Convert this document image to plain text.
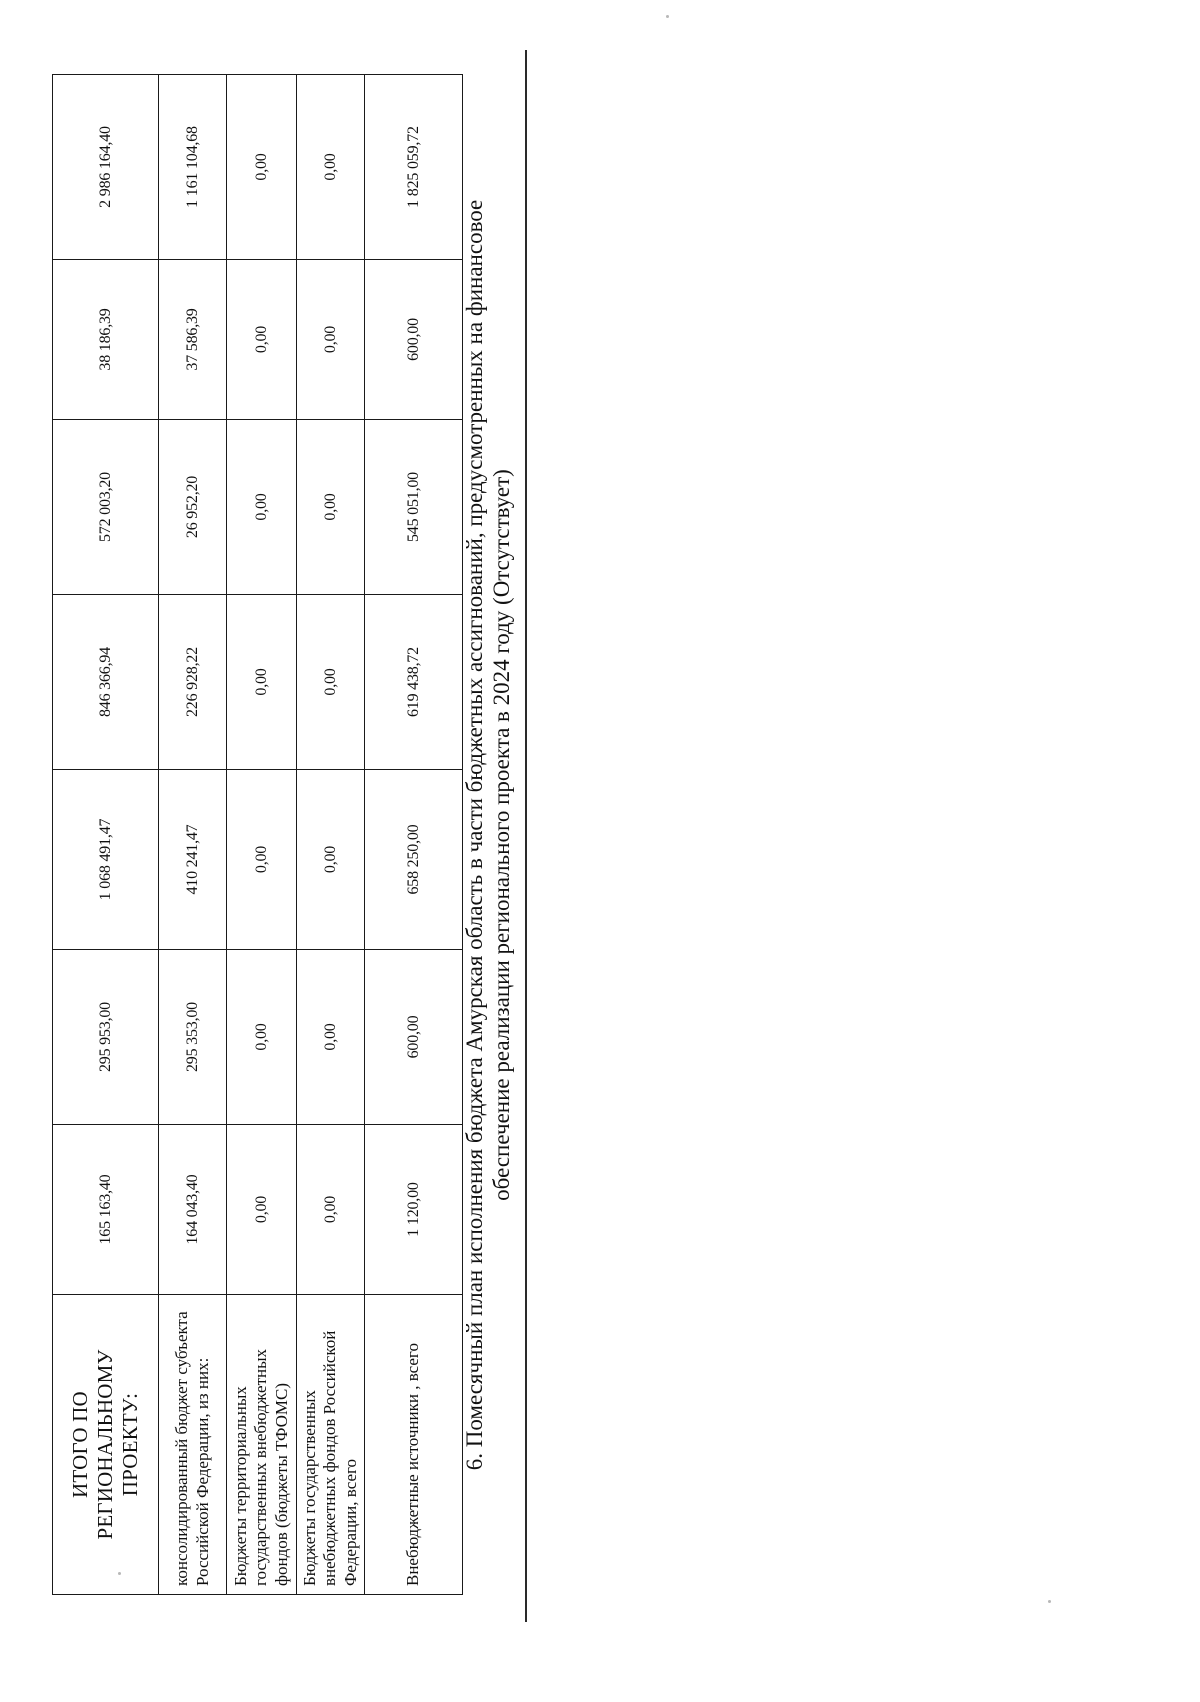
ИТОГО ПО РЕГИОНАЛЬНОМУ ПРОЕКТУ:	165 163,40	295 953,00	1 068 491,47	846 366,94	572 003,20	38 186,39	2 986 164,40
консолидированный бюджет субъекта Российской Федерации, из них:	164 043,40	295 353,00	410 241,47	226 928,22	26 952,20	37 586,39	1 161 104,68
Бюджеты территориальных государственных внебюджетных фондов (бюджеты ТФОМС)	0,00	0,00	0,00	0,00	0,00	0,00	0,00
Бюджеты государственных внебюджетных фондов Российской Федерации, всего	0,00	0,00	0,00	0,00	0,00	0,00	0,00
Внебюджетные источники , всего	1 120,00	600,00	658 250,00	619 438,72	545 051,00	600,00	1 825 059,72
6. Помесячный план исполнения бюджета Амурская область в части бюджетных ассигнований, предусмотренных на финансовое
обеспечение реализации регионального проекта в 2024 году (Отсутствует)
